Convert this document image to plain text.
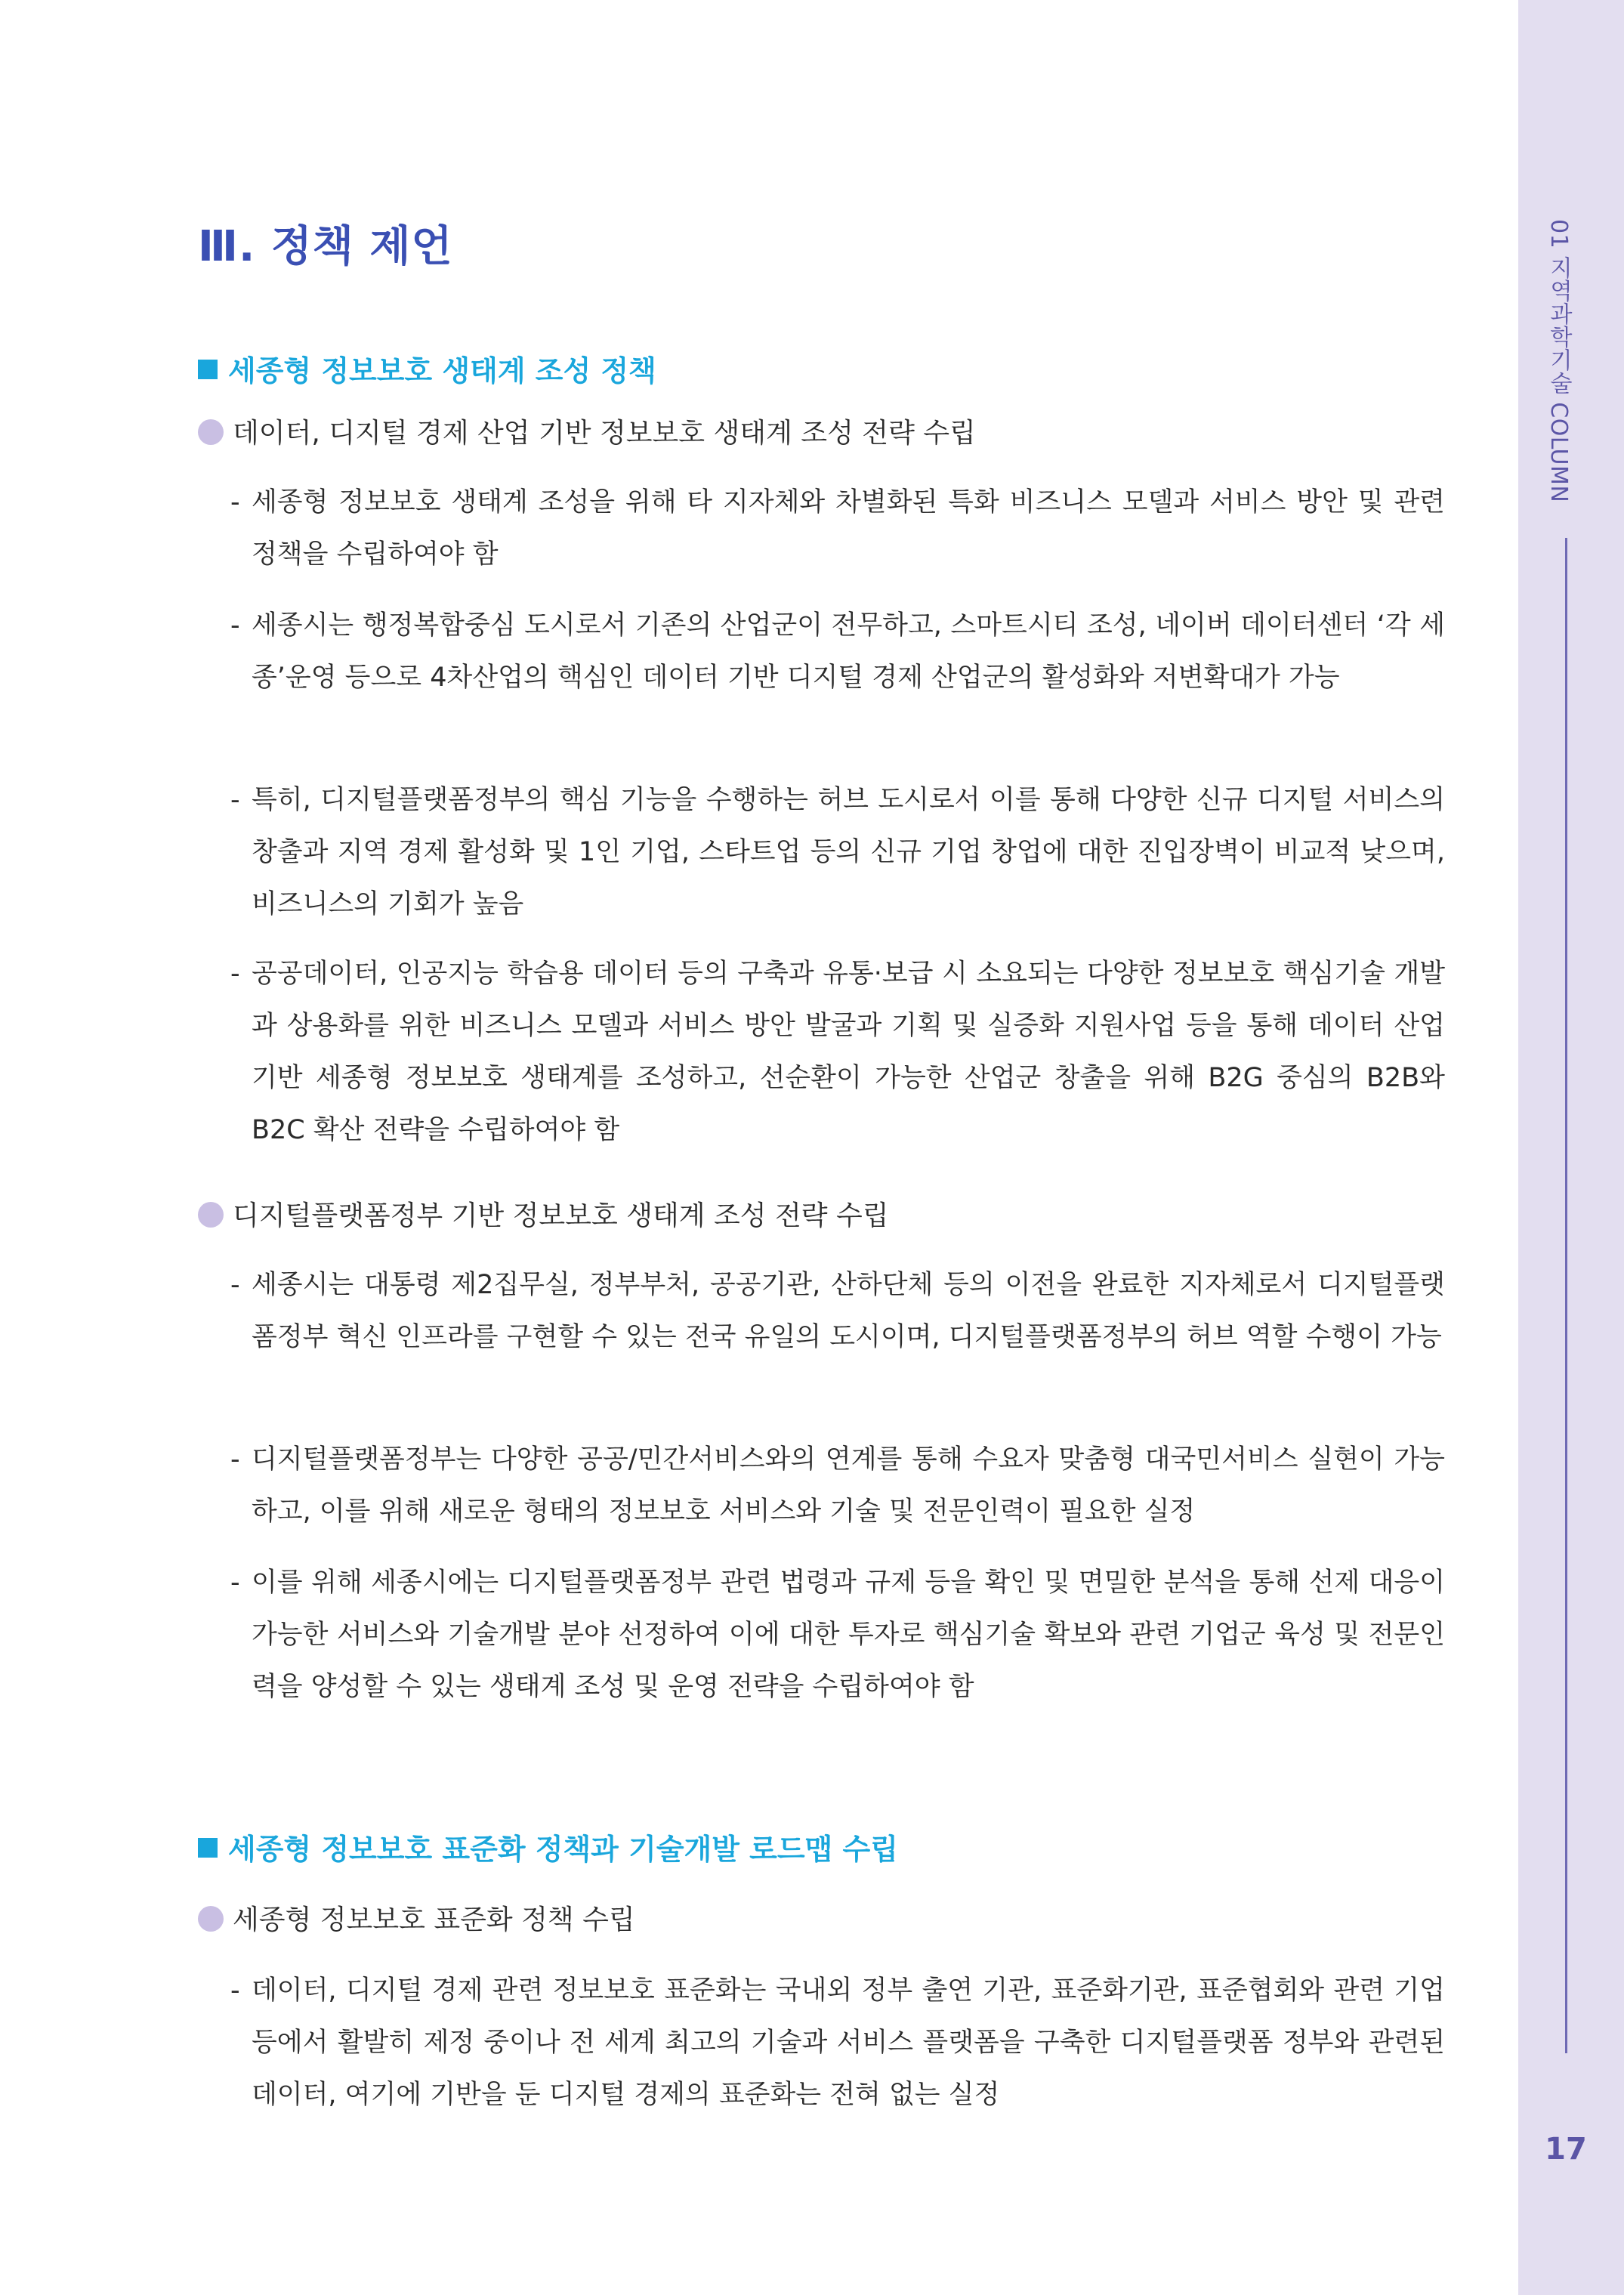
Ⅲ. 정책 제언
세종형 정보보호 생태계 조성 정책

데이터, 디지털 경제 산업 기반 정보보호 생태계 조성 전략 수립

- 세종형 정보보호 생태계 조성을 위해 타 지자체와 차별화된 특화 비즈니스 모델과 서비스 방안 및 관련 정책을 수립하여야 함

- 세종시는 행정복합중심 도시로서 기존의 산업군이 전무하고, 스마트시티 조성, 네이버 데이터센터 ‘각 세종’운영 등으로 4차산업의 핵심인 데이터 기반 디지털 경제 산업군의 활성화와 저변확대가 가능

- 특히, 디지털플랫폼정부의 핵심 기능을 수행하는 허브 도시로서 이를 통해 다양한 신규 디지털 서비스의 창출과 지역 경제 활성화 및 1인 기업, 스타트업 등의 신규 기업 창업에 대한 진입장벽이 비교적 낮으며, 비즈니스의 기회가 높음

- 공공데이터, 인공지능 학습용 데이터 등의 구축과 유통·보급 시 소요되는 다양한 정보보호 핵심기술 개발과 상용화를 위한 비즈니스 모델과 서비스 방안 발굴과 기획 및 실증화 지원사업 등을 통해 데이터 산업 기반 세종형 정보보호 생태계를 조성하고, 선순환이 가능한 산업군 창출을 위해 B2G 중심의 B2B와 B2C 확산 전략을 수립하여야 함

디지털플랫폼정부 기반 정보보호 생태계 조성 전략 수립

- 세종시는 대통령 제2집무실, 정부부처, 공공기관, 산하단체 등의 이전을 완료한 지자체로서 디지털플랫폼정부 혁신 인프라를 구현할 수 있는 전국 유일의 도시이며, 디지털플랫폼정부의 허브 역할 수행이 가능

- 디지털플랫폼정부는 다양한 공공/민간서비스와의 연계를 통해 수요자 맞춤형 대국민서비스 실현이 가능하고, 이를 위해 새로운 형태의 정보보호 서비스와 기술 및 전문인력이 필요한 실정

- 이를 위해 세종시에는 디지털플랫폼정부 관련 법령과 규제 등을 확인 및 면밀한 분석을 통해 선제 대응이 가능한 서비스와 기술개발 분야 선정하여 이에 대한 투자로 핵심기술 확보와 관련 기업군 육성 및 전문인력을 양성할 수 있는 생태계 조성 및 운영 전략을 수립하여야 함

세종형 정보보호 표준화 정책과 기술개발 로드맵 수립

세종형 정보보호 표준화 정책 수립

- 데이터, 디지털 경제 관련 정보보호 표준화는 국내외 정부 출연 기관, 표준화기관, 표준협회와 관련 기업 등에서 활발히 제정 중이나 전 세계 최고의 기술과 서비스 플랫폼을 구축한 디지털플랫폼 정부와 관련된 데이터, 여기에 기반을 둔 디지털 경제의 표준화는 전혀 없는 실정

01 지역과학기술 COLUMN
17
